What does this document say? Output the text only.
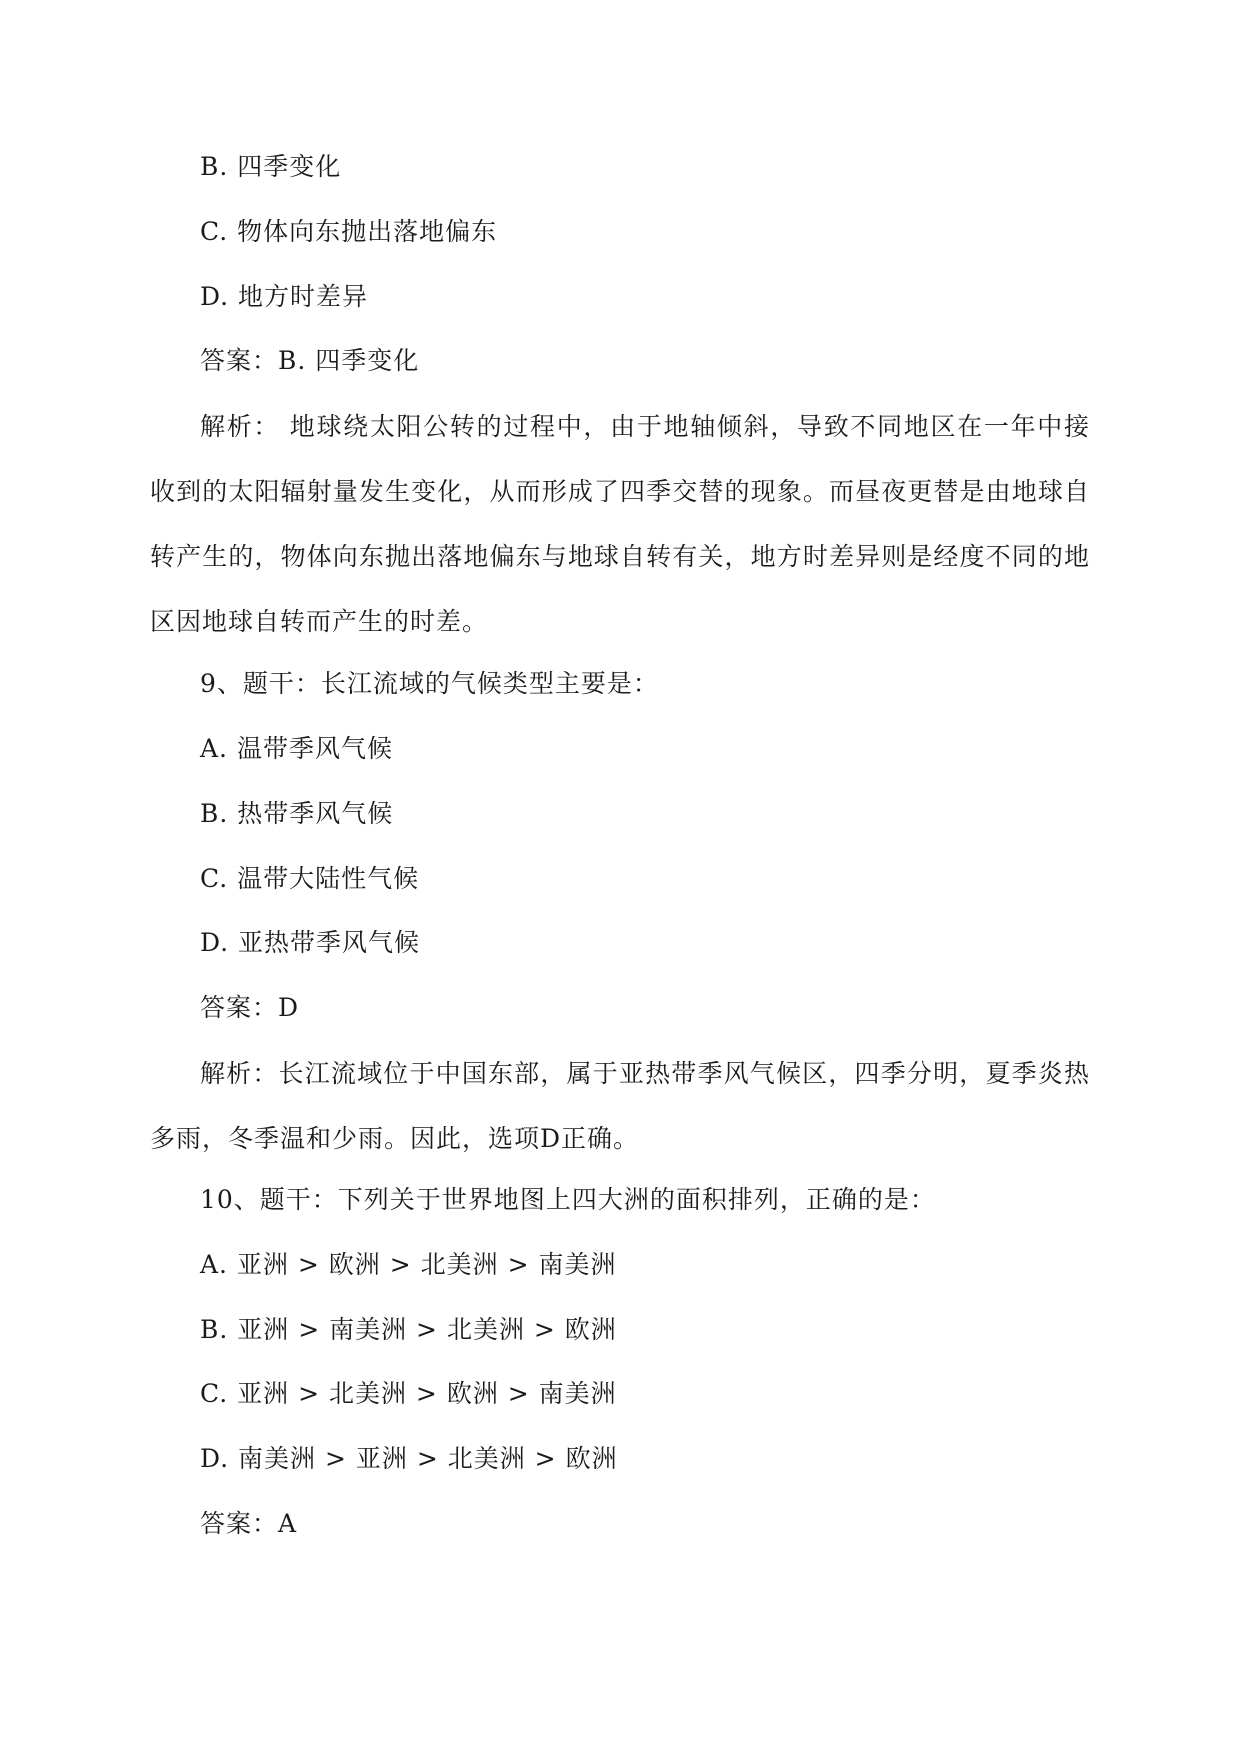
B. 四季变化
C. 物体向东抛出落地偏东
D. 地方时差异
答案：B. 四季变化
解析： 地球绕太阳公转的过程中，由于地轴倾斜，导致不同地区在一年中接收到的太阳辐射量发生变化，从而形成了四季交替的现象。而昼夜更替是由地球自转产生的，物体向东抛出落地偏东与地球自转有关，地方时差异则是经度不同的地区因地球自转而产生的时差。
9、题干：长江流域的气候类型主要是：
A. 温带季风气候
B. 热带季风气候
C. 温带大陆性气候
D. 亚热带季风气候
答案：D
解析：长江流域位于中国东部，属于亚热带季风气候区，四季分明，夏季炎热多雨，冬季温和少雨。因此，选项D正确。
10、题干：下列关于世界地图上四大洲的面积排列，正确的是：
A. 亚洲 > 欧洲 > 北美洲 > 南美洲
B. 亚洲 > 南美洲 > 北美洲 > 欧洲
C. 亚洲 > 北美洲 > 欧洲 > 南美洲
D. 南美洲 > 亚洲 > 北美洲 > 欧洲
答案：A
